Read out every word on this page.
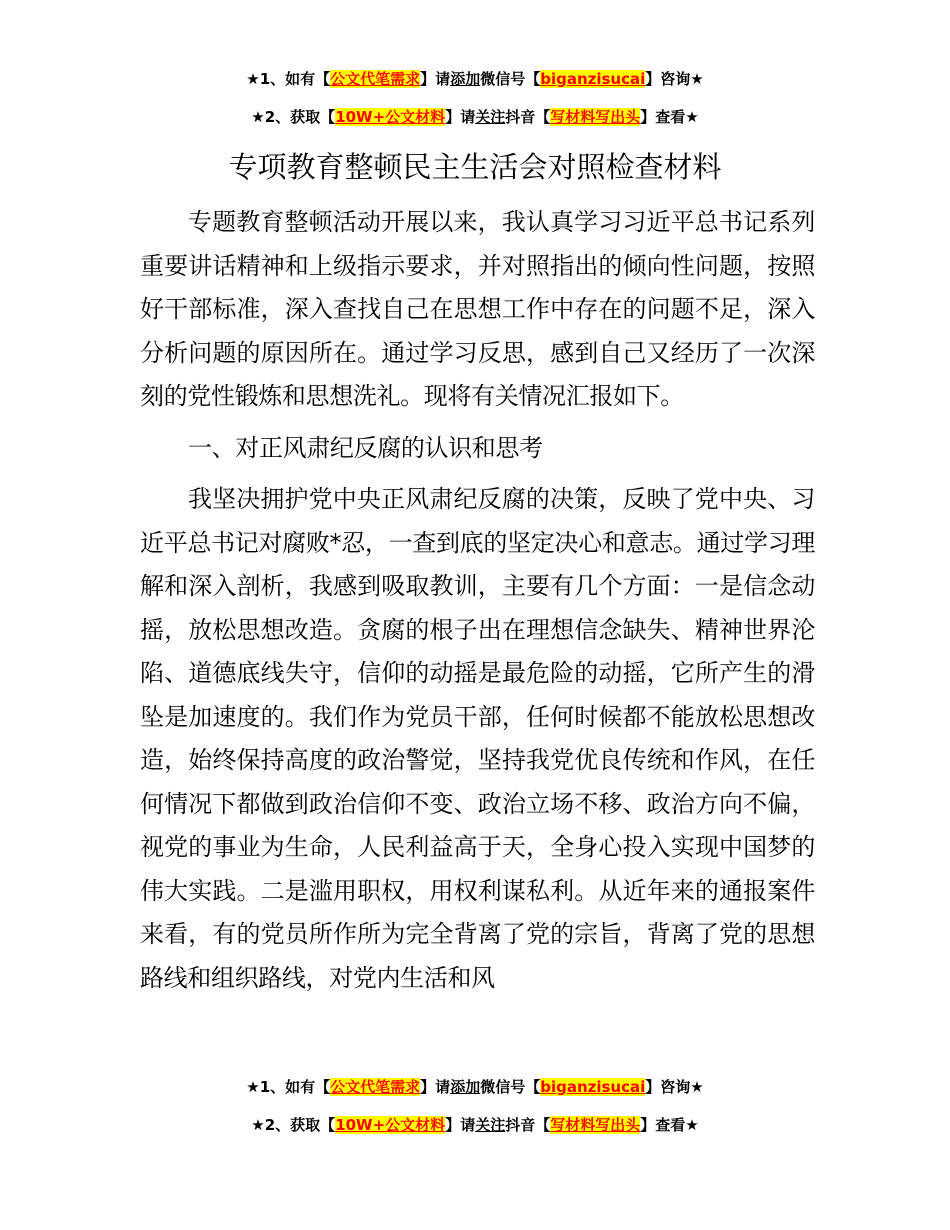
★1、如有【公文代笔需求】请添加微信号【biganzisucai】咨询★
★2、获取【10W+公文材料】请关注抖音【写材料写出头】查看★
专项教育整顿民主生活会对照检查材料

专题教育整顿活动开展以来，我认真学习习近平总书记系列重要讲话精神和上级指示要求，并对照指出的倾向性问题，按照好干部标准，深入查找自己在思想工作中存在的问题不足，深入分析问题的原因所在。通过学习反思，感到自己又经历了一次深刻的党性锻炼和思想洗礼。现将有关情况汇报如下。

一、对正风肃纪反腐的认识和思考

我坚决拥护党中央正风肃纪反腐的决策，反映了党中央、习近平总书记对腐败*忍，一查到底的坚定决心和意志。通过学习理解和深入剖析，我感到吸取教训，主要有几个方面：一是信念动摇，放松思想改造。贪腐的根子出在理想信念缺失、精神世界沦陷、道德底线失守，信仰的动摇是最危险的动摇，它所产生的滑坠是加速度的。我们作为党员干部，任何时候都不能放松思想改造，始终保持高度的政治警觉，坚持我党优良传统和作风，在任何情况下都做到政治信仰不变、政治立场不移、政治方向不偏，视党的事业为生命，人民利益高于天，全身心投入实现中国梦的伟大实践。二是滥用职权，用权利谋私利。从近年来的通报案件来看，有的党员所作所为完全背离了党的宗旨，背离了党的思想路线和组织路线，对党内生活和风

★1、如有【公文代笔需求】请添加微信号【biganzisucai】咨询★
★2、获取【10W+公文材料】请关注抖音【写材料写出头】查看★
